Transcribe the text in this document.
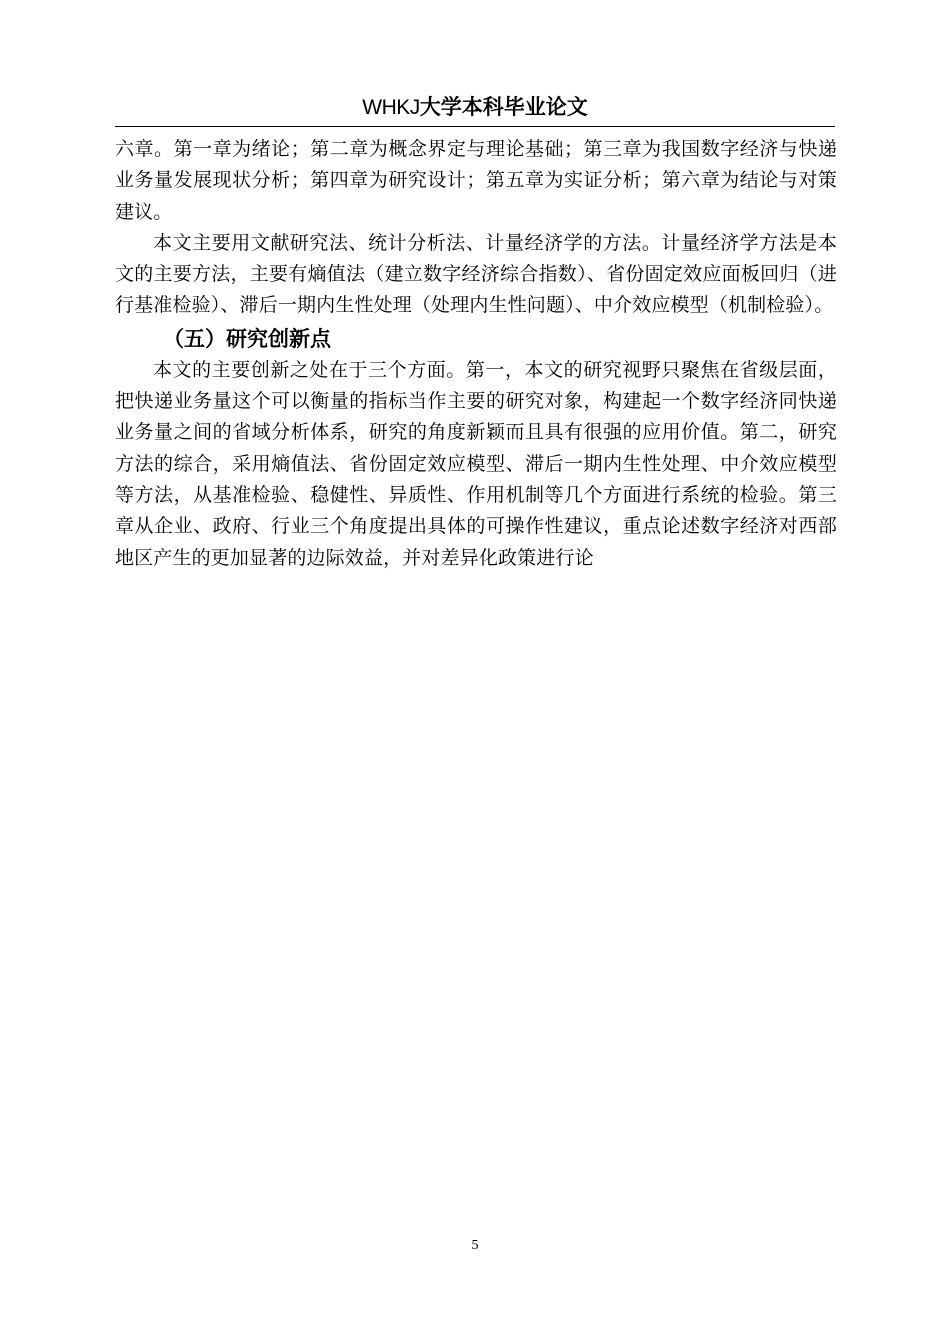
WHKJ大学本科毕业论文

六章。第一章为绪论；第二章为概念界定与理论基础；第三章为我国数字经济与快递业务量发展现状分析；第四章为研究设计；第五章为实证分析；第六章为结论与对策建议。

本文主要用文献研究法、统计分析法、计量经济学的方法。计量经济学方法是本文的主要方法，主要有熵值法（建立数字经济综合指数）、省份固定效应面板回归（进行基准检验）、滞后一期内生性处理（处理内生性问题）、中介效应模型（机制检验）。

（五）研究创新点

本文的主要创新之处在于三个方面。第一，本文的研究视野只聚焦在省级层面，把快递业务量这个可以衡量的指标当作主要的研究对象，构建起一个数字经济同快递业务量之间的省域分析体系，研究的角度新颖而且具有很强的应用价值。第二，研究方法的综合，采用熵值法、省份固定效应模型、滞后一期内生性处理、中介效应模型等方法，从基准检验、稳健性、异质性、作用机制等几个方面进行系统的检验。第三章从企业、政府、行业三个角度提出具体的可操作性建议，重点论述数字经济对西部地区产生的更加显著的边际效益，并对差异化政策进行论

5
